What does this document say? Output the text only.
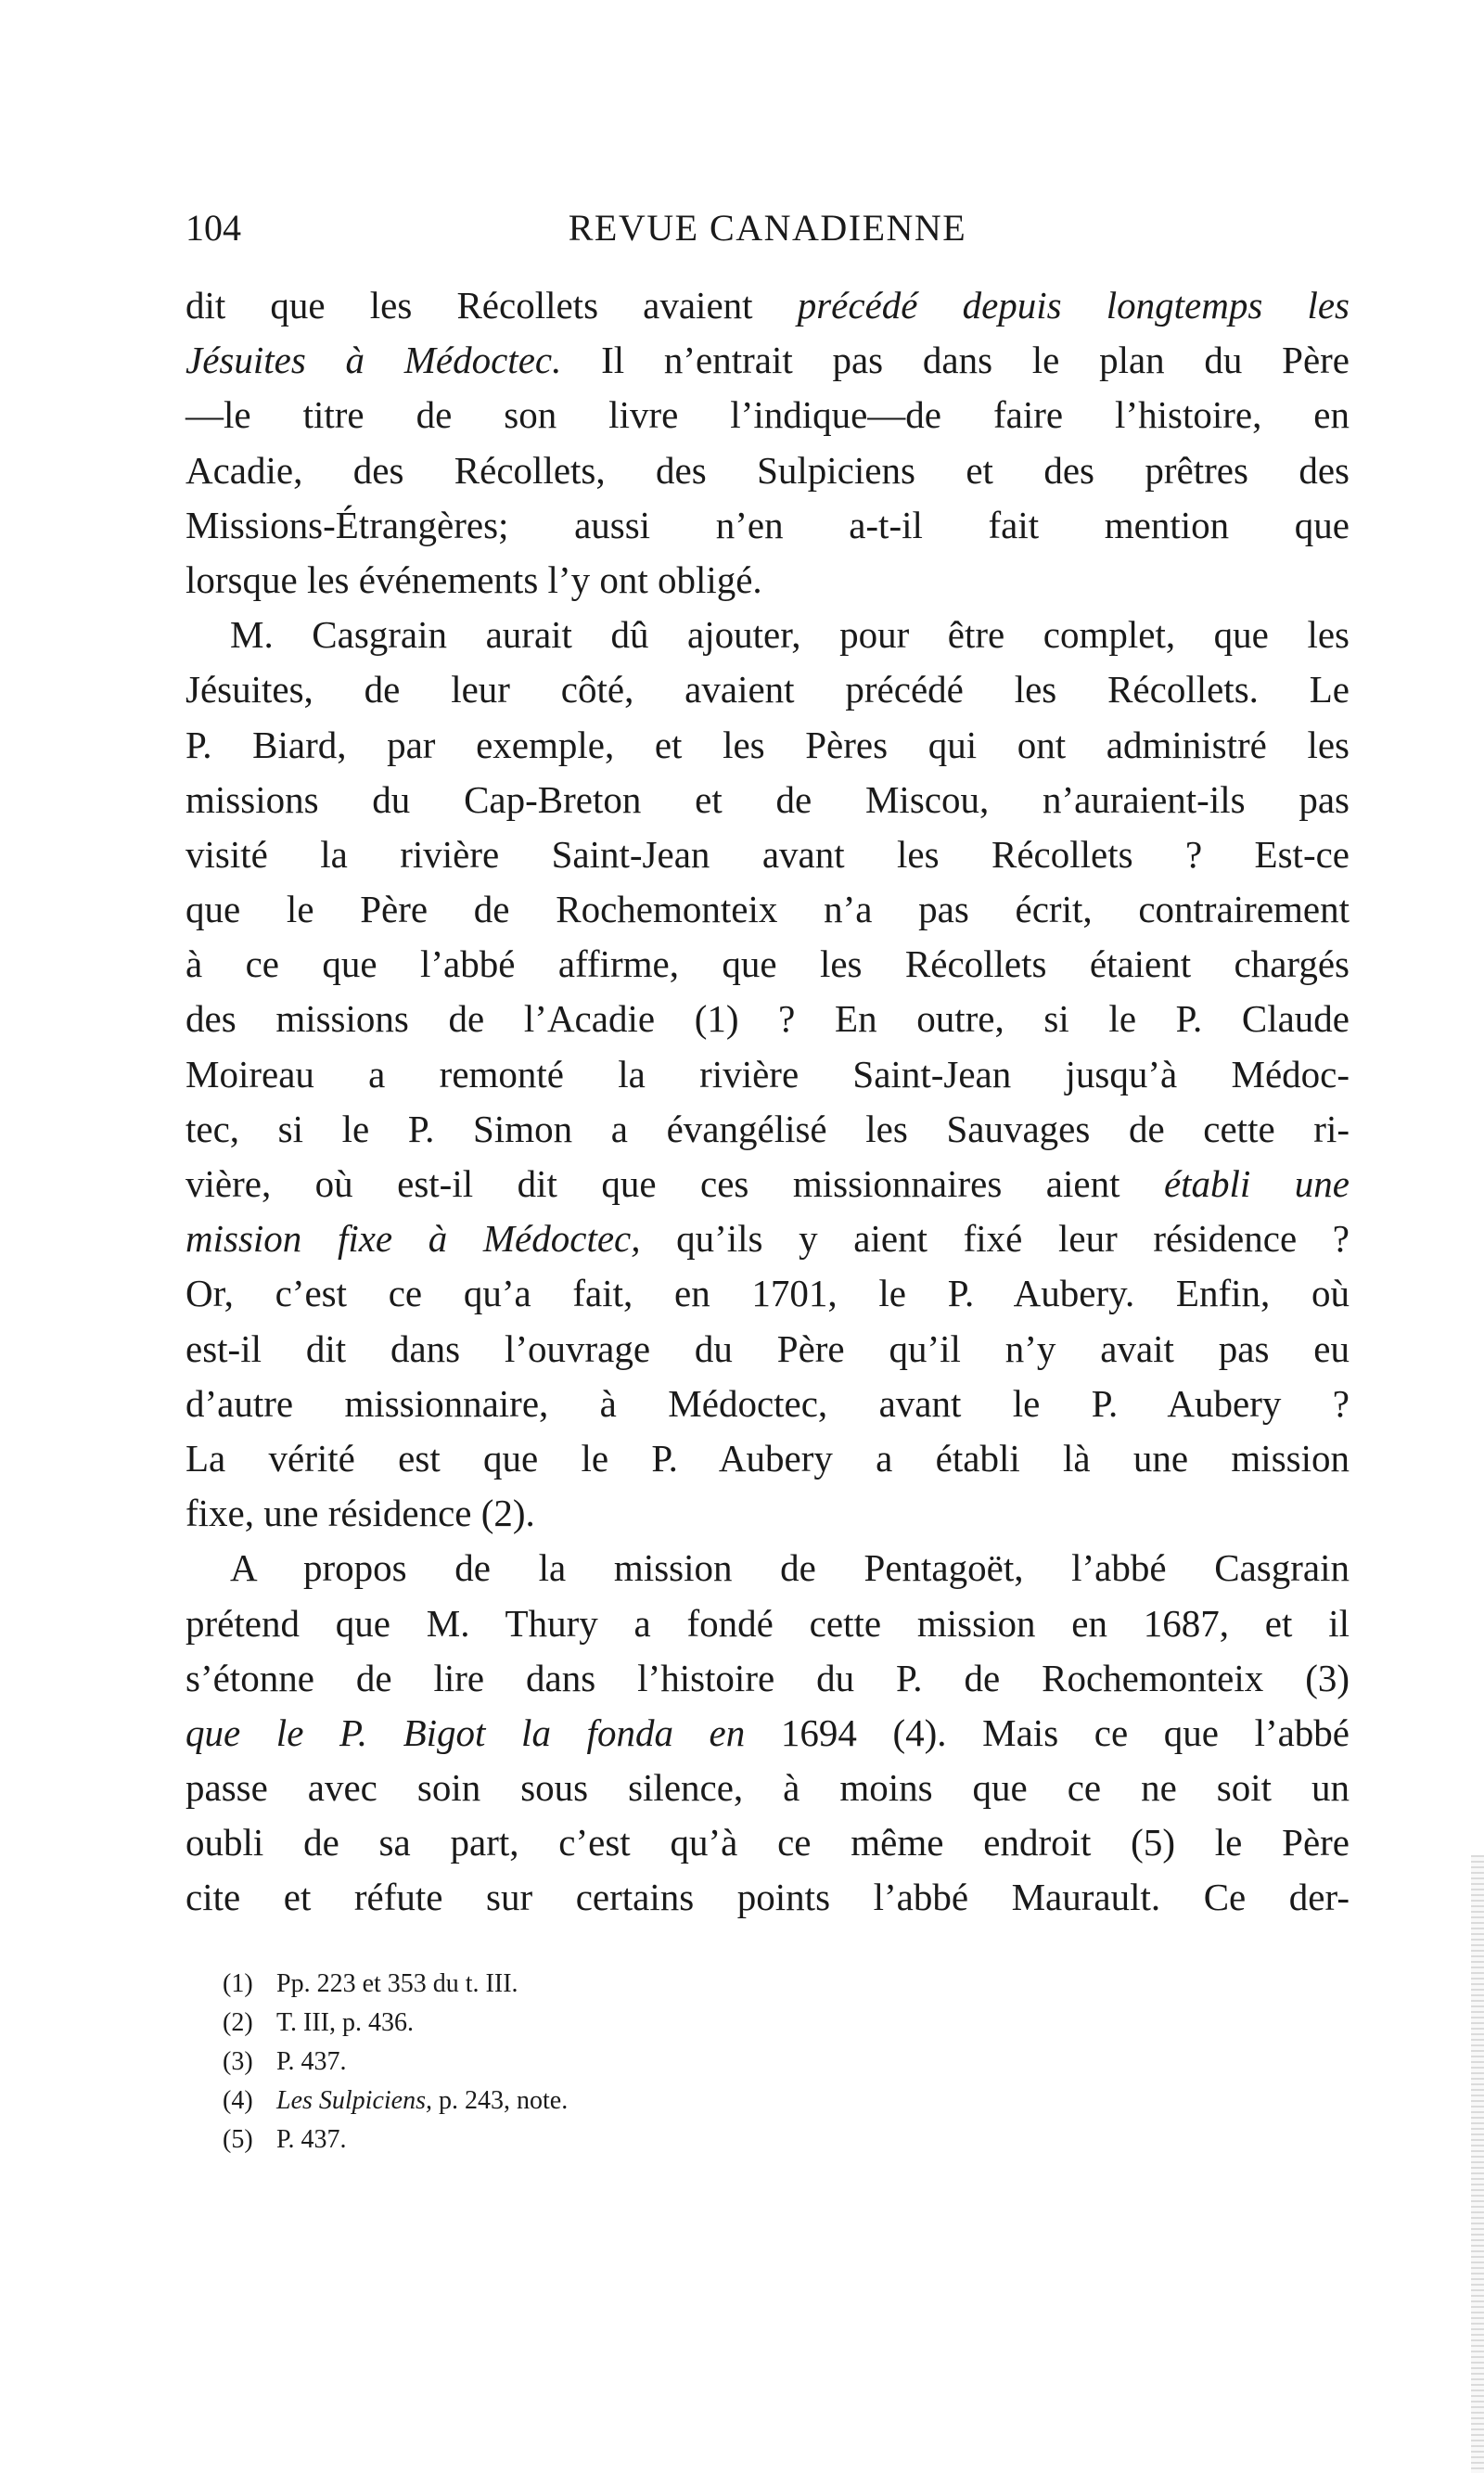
104	REVUE CANADIENNE
dit que les Récollets avaient précédé depuis longtemps les
Jésuites à Médoctec. Il n’entrait pas dans le plan du Père
—le titre de son livre l’indique—de faire l’histoire, en
Acadie, des Récollets, des Sulpiciens et des prêtres des
Missions-Étrangères; aussi n’en a-t-il fait mention que
lorsque les événements l’y ont obligé.
M. Casgrain aurait dû ajouter, pour être complet, que les
Jésuites, de leur côté, avaient précédé les Récollets. Le
P. Biard, par exemple, et les Pères qui ont administré les
missions du Cap-Breton et de Miscou, n’auraient-ils pas
visité la rivière Saint-Jean avant les Récollets ? Est-ce
que le Père de Rochemonteix n’a pas écrit, contrairement
à ce que l’abbé affirme, que les Récollets étaient chargés
des missions de l’Acadie (1) ? En outre, si le P. Claude
Moireau a remonté la rivière Saint-Jean jusqu’à Médoc-
tec, si le P. Simon a évangélisé les Sauvages de cette ri-
vière, où est-il dit que ces missionnaires aient établi une
mission fixe à Médoctec, qu’ils y aient fixé leur résidence ?
Or, c’est ce qu’a fait, en 1701, le P. Aubery. Enfin, où
est-il dit dans l’ouvrage du Père qu’il n’y avait pas eu
d’autre missionnaire, à Médoctec, avant le P. Aubery ?
La vérité est que le P. Aubery a établi là une mission
fixe, une résidence (2).
A propos de la mission de Pentagoët, l’abbé Casgrain
prétend que M. Thury a fondé cette mission en 1687, et il
s’étonne de lire dans l’histoire du P. de Rochemonteix (3)
que le P. Bigot la fonda en 1694 (4). Mais ce que l’abbé
passe avec soin sous silence, à moins que ce ne soit un
oubli de sa part, c’est qu’à ce même endroit (5) le Père
cite et réfute sur certains points l’abbé Maurault. Ce der-
(1) Pp. 223 et 353 du t. III.
(2) T. III, p. 436.
(3) P. 437.
(4) Les Sulpiciens, p. 243, note.
(5) P. 437.
